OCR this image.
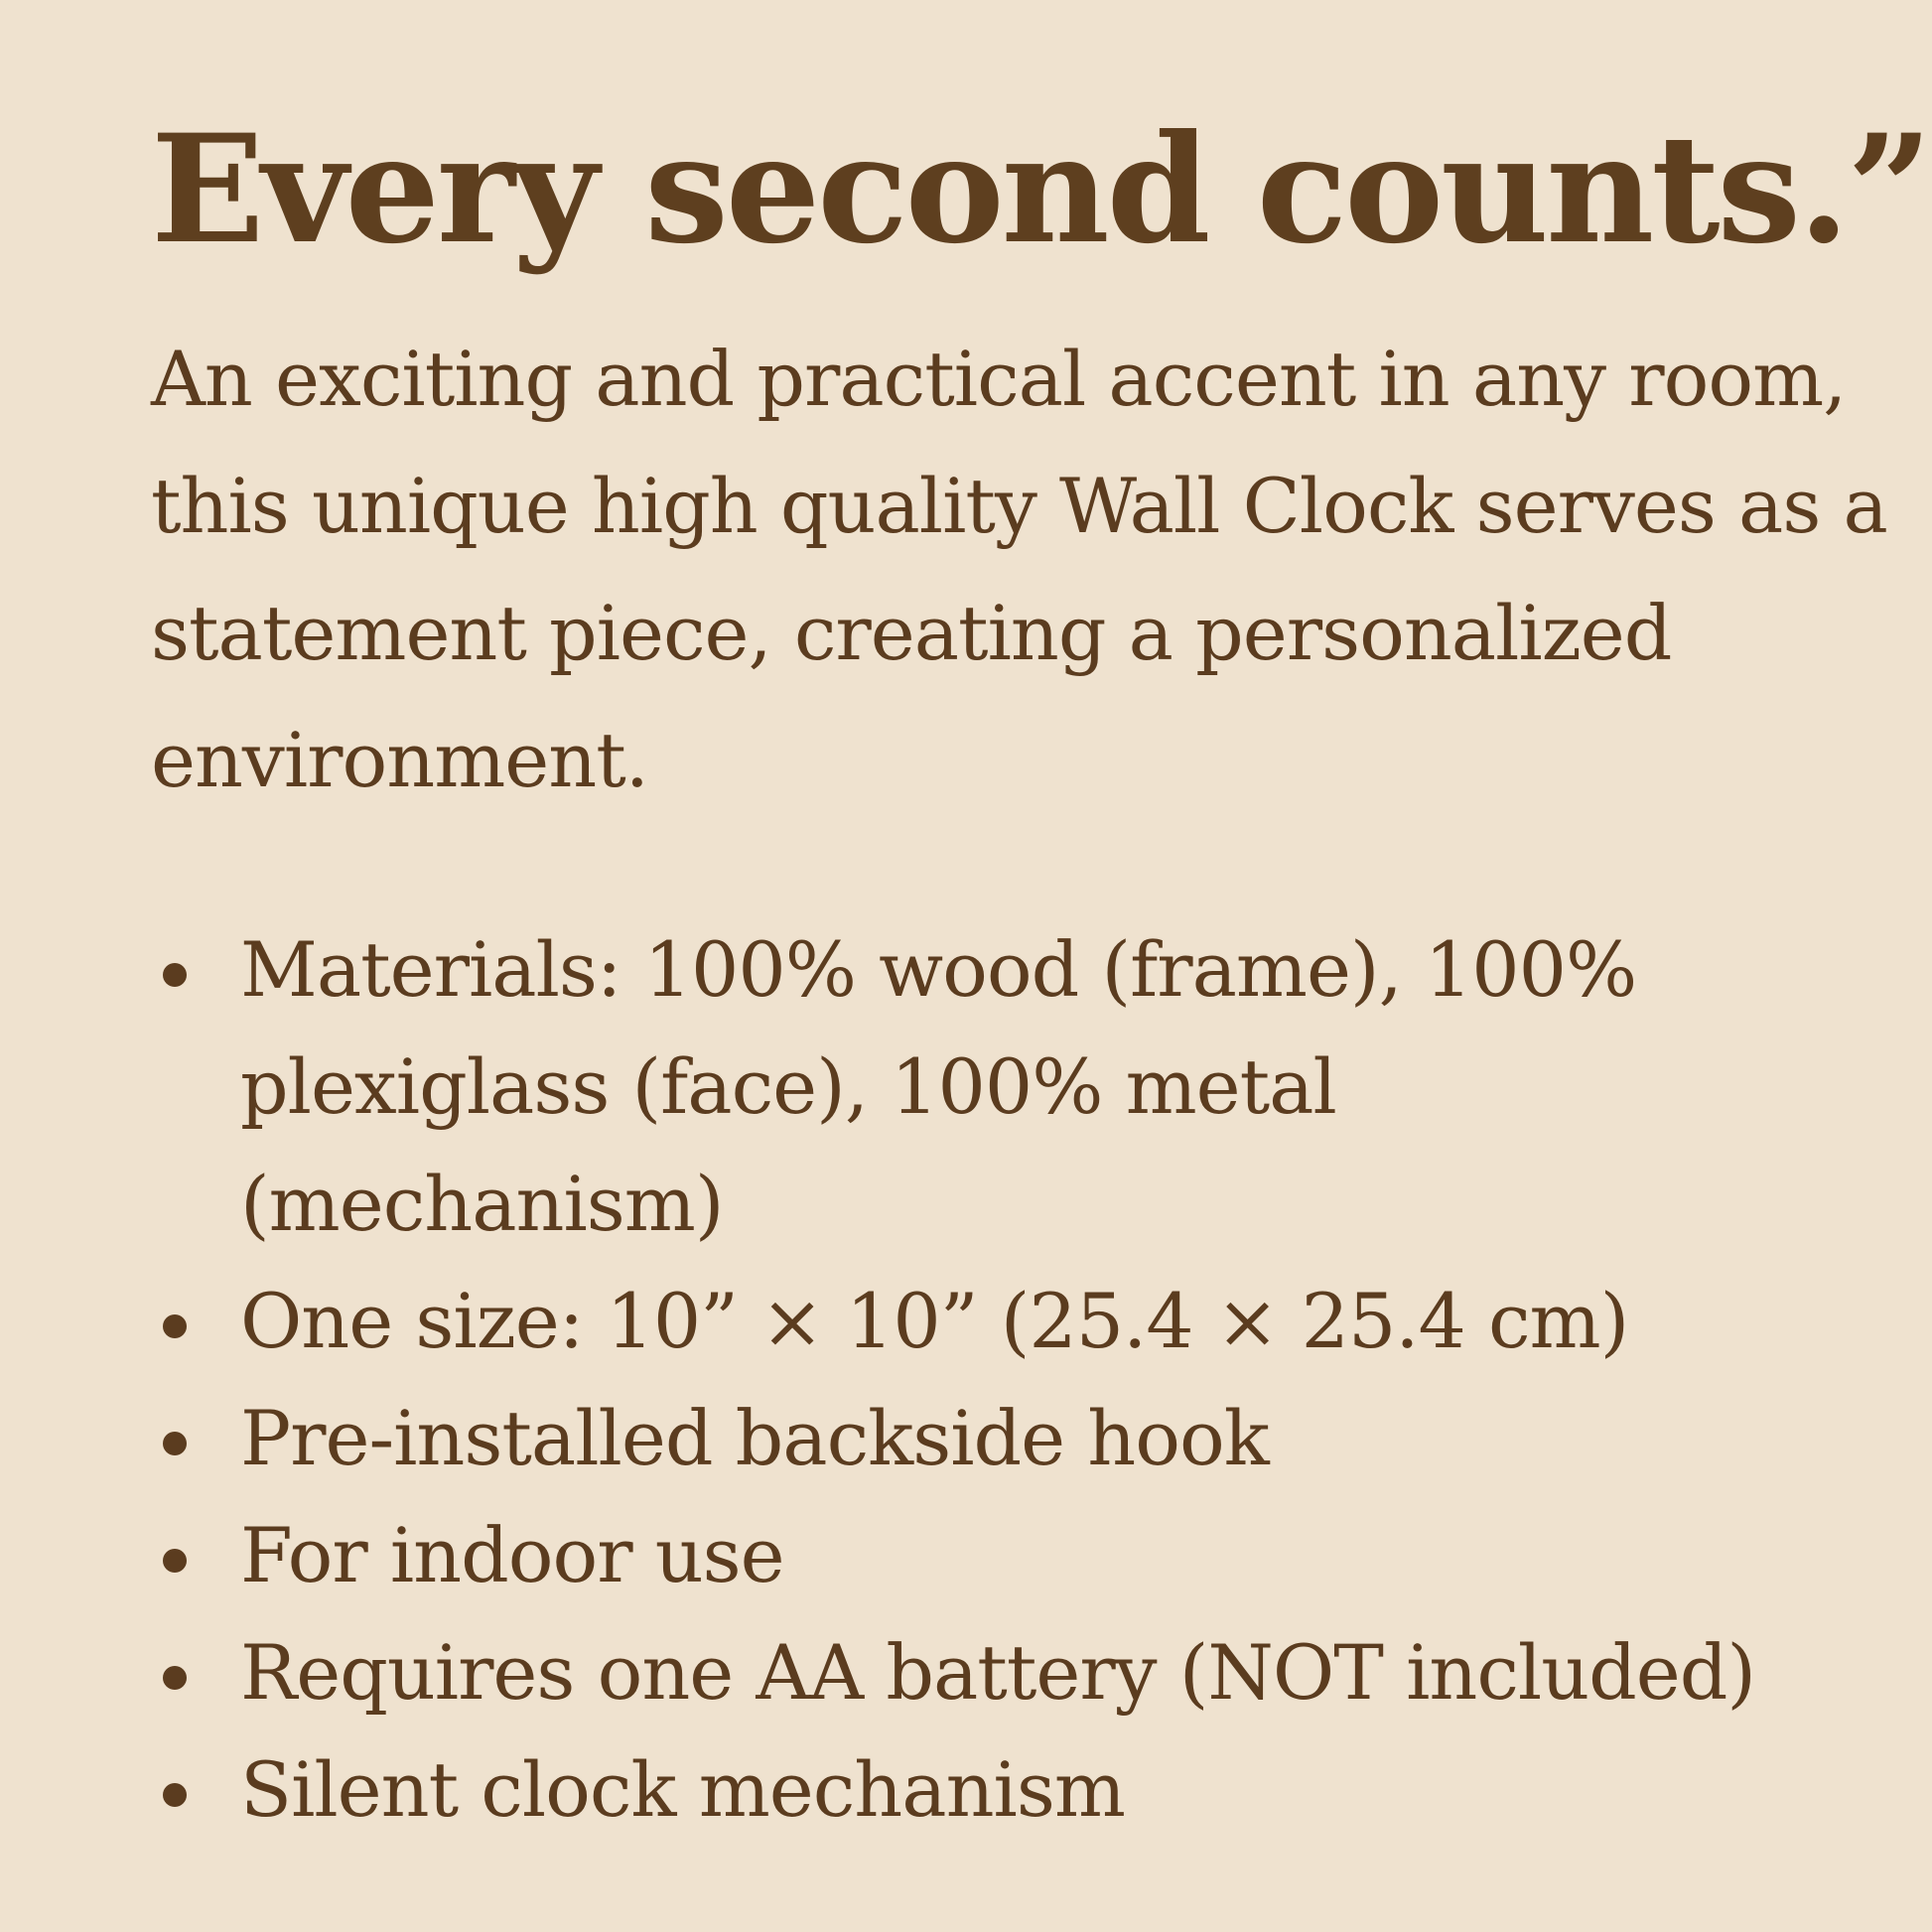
Every second counts.”

An exciting and practical accent in any room, this unique high quality Wall Clock serves as a statement piece, creating a personalized environment.

Materials: 100% wood (frame), 100% plexiglass (face), 100% metal (mechanism)
One size: 10” × 10” (25.4 × 25.4 cm)
Pre-installed backside hook
For indoor use
Requires one AA battery (NOT included)
Silent clock mechanism
